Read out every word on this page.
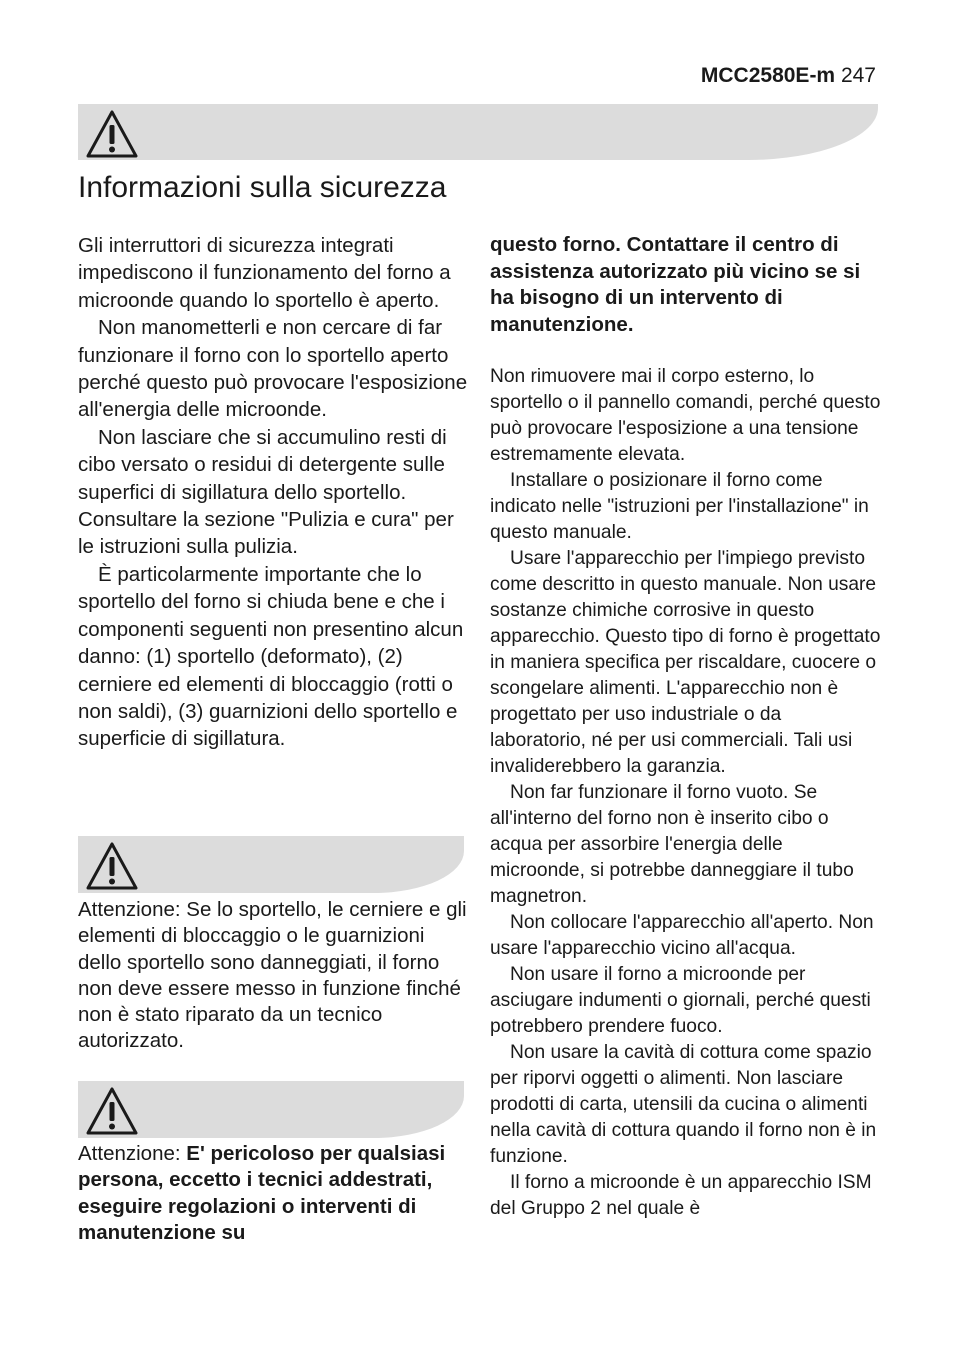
MCC2580E-m 247
Informazioni sulla sicurezza

Gli interruttori di sicurezza integrati impediscono il funzionamento del forno a microonde quando lo sportello è aperto.

Non manometterli e non cercare di far funzionare il forno con lo sportello aperto perché questo può provocare l'esposizione all'energia delle microonde.

Non lasciare che si accumulino resti di cibo versato o residui di detergente sulle superfici di sigillatura dello sportello. Consultare la sezione "Pulizia e cura" per le istruzioni sulla pulizia.

È particolarmente importante che lo sportello del forno si chiuda bene e che i componenti seguenti non presentino alcun danno: (1) sportello (deformato), (2) cerniere ed elementi di bloccaggio (rotti o non saldi), (3) guarnizioni dello sportello e superficie di sigillatura.

Attenzione: Se lo sportello, le cerniere e gli elementi di bloccaggio o le guarnizioni dello sportello sono danneggiati, il forno non deve essere messo in funzione finché non è stato riparato da un tecnico autorizzato.

Attenzione: E' pericoloso per qualsiasi persona, eccetto i tecnici addestrati, eseguire regolazioni o interventi di manutenzione su

questo forno. Contattare il centro di assistenza autorizzato più vicino se si ha bisogno di un intervento di manutenzione.

Non rimuovere mai il corpo esterno, lo sportello o il pannello comandi, perché questo può provocare l'esposizione a una tensione estremamente elevata.

Installare o posizionare il forno come indicato nelle "istruzioni per l'installazione" in questo manuale.

Usare l'apparecchio per l'impiego previsto come descritto in questo manuale. Non usare sostanze chimiche corrosive in questo apparecchio. Questo tipo di forno è progettato in maniera specifica per riscaldare, cuocere o scongelare alimenti. L'apparecchio non è progettato per uso industriale o da laboratorio, né per usi commerciali. Tali usi invaliderebbero la garanzia.

Non far funzionare il forno vuoto. Se all'interno del forno non è inserito cibo o acqua per assorbire l'energia delle microonde, si potrebbe danneggiare il tubo magnetron.

Non collocare l'apparecchio all'aperto. Non usare l'apparecchio vicino all'acqua.

Non usare il forno a microonde per asciugare indumenti o giornali, perché questi potrebbero prendere fuoco.

Non usare la cavità di cottura come spazio per riporvi oggetti o alimenti. Non lasciare prodotti di carta, utensili da cucina o alimenti nella cavità di cottura quando il forno non è in funzione.

Il forno a microonde è un apparecchio ISM del Gruppo 2 nel quale è
